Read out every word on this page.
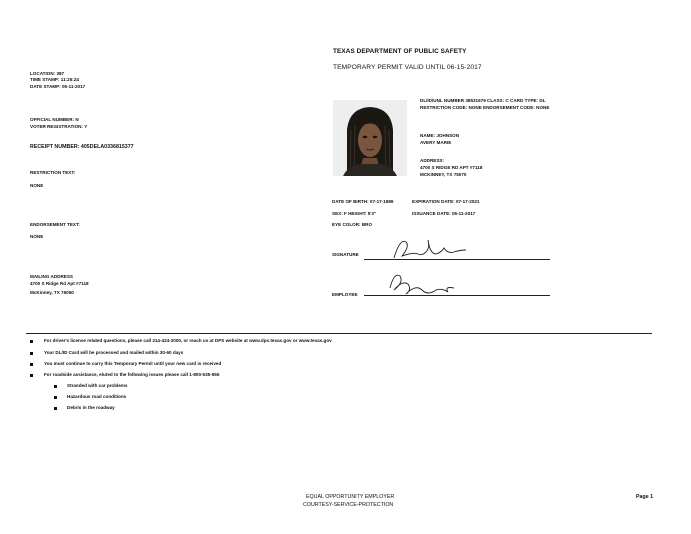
TEXAS DEPARTMENT OF PUBLIC SAFETY
TEMPORARY PERMIT VALID UNTIL 06-15-2017
LOCATION: 387
TIME STAMP: 11:25:24
DATE STAMP: 05-11-2017
OFFICIAL NUMBER: N
VOTER REGISTRATION: Y
RECEIPT NUMBER: 405DELA0336815377
RESTRICTION TEXT:
NONE
ENDORSEMENT TEXT:
NONE
MAILING ADDRESS
4700 S Ridge Rd Apt #7118
McKinney, TX 75050
DL/ID/UNL NUMBER 38531679 CLASS: C CARD TYPE: DL
RESTRICTION CODE: NONE ENDORSEMENT CODE: NONE
NAME: JOHNSON
AVERY MARIE
ADDRESS:
4700 S RIDGE RD APT #7118
MCKINNEY, TX 75070
DATE OF BIRTH: 07-17-1989	EXPIRATION DATE: 07-17-2021
SEX: F HEIGHT: 5'3"	ISSUANCE DATE: 05-11-2017
EYE COLOR: BRO
SIGNATURE
EMPLOYEE
For driver's license related questions, please call 214-424-2000, or reach us at DPS website at www.dps.texas.gov or www.texas.gov
Your DL/ID Card will be processed and mailed within 30-60 days
You must continue to carry this Temporary Permit until your new card is received
For roadside assistance, eluted to the following issues please call 1-800-535-555
Stranded with car problems
Hazardous road conditions
Debris in the roadway
EQUAL OPPORTUNITY EMPLOYER
COURTESY-SERVICE-PROTECTION
Page 1
